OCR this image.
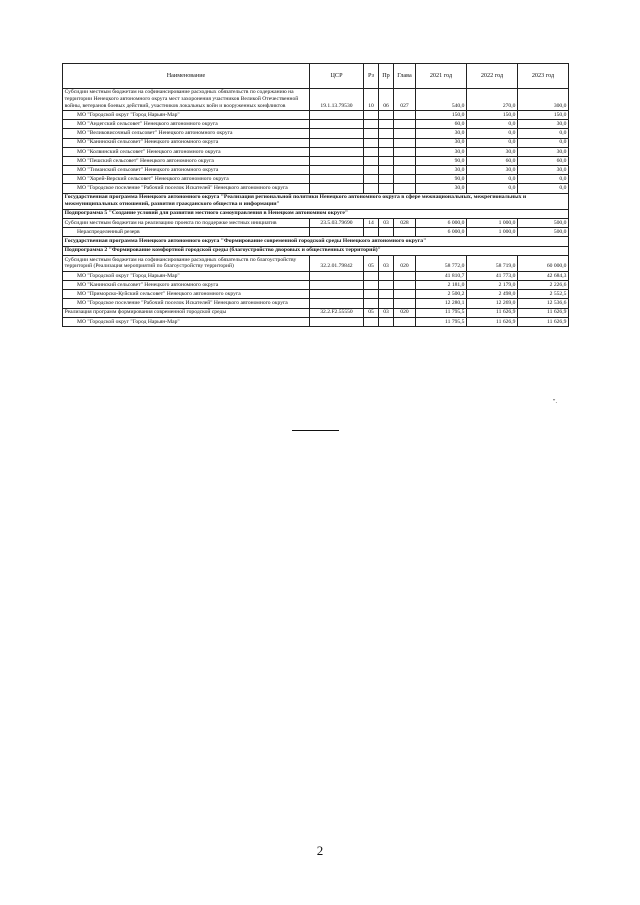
Наименование	ЦСР	Рз	Пр	Глава	2021 год	2022 год	2023 год
Субсидии местным бюджетам на софинансирование расходных обязательств по содержанию на территории Ненецкого автономного округа мест захоронения участников Великой Отечественной войны, ветеранов боевых действий, участников локальных войн и вооруженных конфликтов	19.1.13.79530	10	06	027	540,0	270,0	300,0
МО "Городской округ "Город Нарьян-Мар"					150,0	150,0	150,0
МО "Андегский сельсовет" Ненецкого автономного округа					60,0	0,0	30,0
МО "Великовисочный сельсовет" Ненецкого автономного округа					30,0	0,0	0,0
МО "Канинский сельсовет" Ненецкого автономного округа					30,0	0,0	0,0
МО "Колвинский сельсовет" Ненецкого автономного округа					30,0	30,0	30,0
МО "Пешский сельсовет" Ненецкого автономного округа					90,0	60,0	60,0
МО "Тиманский сельсовет" Ненецкого автономного округа					30,0	30,0	30,0
МО "Хорей-Верский сельсовет" Ненецкого автономного округа					90,0	0,0	0,0
МО "Городское поселение "Рабочий поселок Искателей" Ненецкого автономного округа					30,0	0,0	0,0
Государственная программа Ненецкого автономного округа "Реализация региональной политики Ненецкого автономного округа в сфере межнациональных, межрегиональных и межмуниципальных отношений, развития гражданского общества и информации"							
Подпрограмма 5 "Создание условий для развития местного самоуправления в Ненецком автономном округе"							
Субсидии местным бюджетам на реализацию проекта по поддержке местных инициатив	23.5.03.79690	14	03	028	6 000,0	1 000,0	500,0
Нераспределенный резерв					6 000,0	1 000,0	500,0
Государственная программа Ненецкого автономного округа "Формирование современной городской среды Ненецкого автономного округа"							
Подпрограмма 2 "Формирование комфортной городской среды (благоустройство дворовых и общественных территорий)"							
Субсидии местным бюджетам на софинансирование расходных обязательств по благоустройству территорий (Реализация мероприятий по благоустройству территорий)	32.2.01.79842	05	03	020	58 772,0	58 719,0	60 000,0
МО "Городской округ "Город Нарьян-Мар"					41 810,7	41 773,0	42 684,3
МО "Канинский сельсовет" Ненецкого автономного округа					2 181,0	2 179,0	2 226,6
МО "Приморско-Куйский сельсовет" Ненецкого автономного округа					2 500,2	2 498,0	2 552,5
МО "Городское поселение "Рабочий поселок Искателей" Ненецкого автономного округа					12 280,1	12 269,0	12 536,6
Реализация программ формирования современной городской среды	32.2.F2.55550	05	03	020	11 795,5	11 626,9	11 626,9
МО "Городской округ "Город Нарьян-Мар"					11 795,5	11 626,9	11 626,9
".
2
